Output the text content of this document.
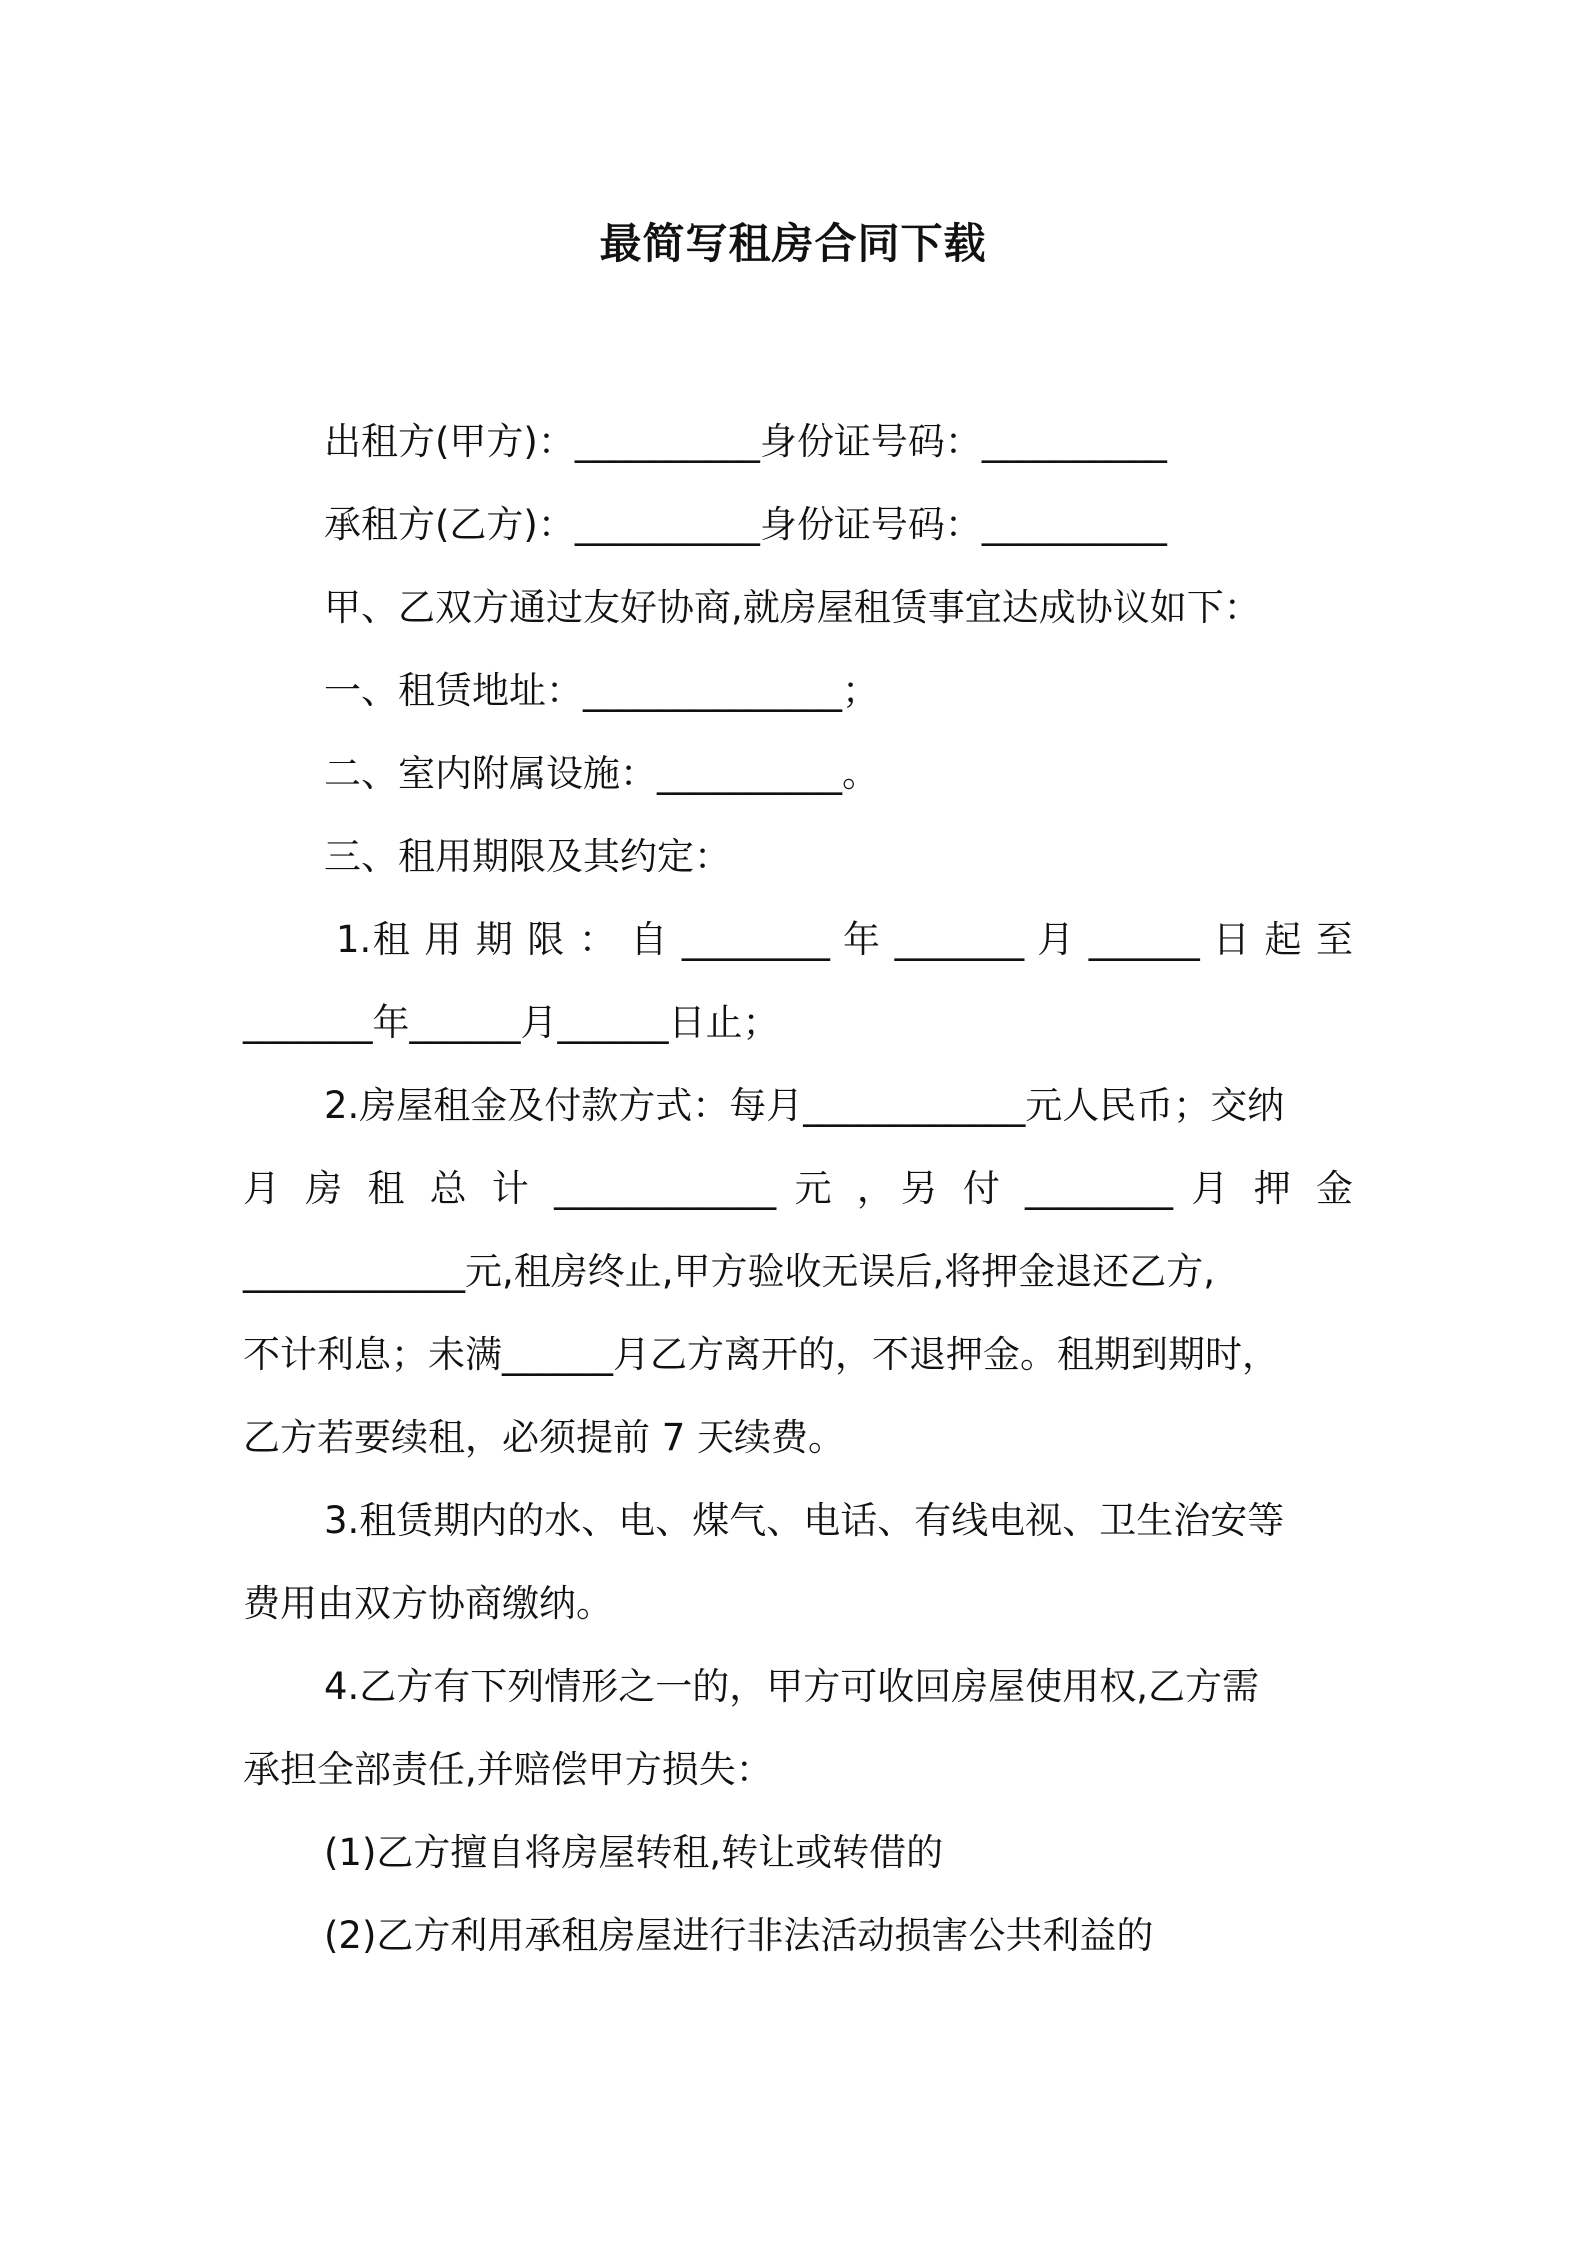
最简写租房合同下载
出租方(甲方)：__________身份证号码：__________
承租方(乙方)：__________身份证号码：__________
甲、乙双方通过友好协商,就房屋租赁事宜达成协议如下：
一、租赁地址：______________；
二、室内附属设施：__________。
三、租用期限及其约定：
1.租 用 期 限 ： 自 ________ 年 _______ 月 ______ 日 起 至
_______年______月______日止；
2.房屋租金及付款方式：每月____________元人民币；交纳
月 房 租 总 计 ____________ 元 ，另 付 ________ 月 押 金
____________元,租房终止,甲方验收无误后,将押金退还乙方,
不计利息；未满______月乙方离开的，不退押金。租期到期时，
乙方若要续租，必须提前 7 天续费。
3.租赁期内的水、电、煤气、电话、有线电视、卫生治安等
费用由双方协商缴纳。
4.乙方有下列情形之一的，甲方可收回房屋使用权,乙方需
承担全部责任,并赔偿甲方损失：
(1)乙方擅自将房屋转租,转让或转借的
(2)乙方利用承租房屋进行非法活动损害公共利益的
